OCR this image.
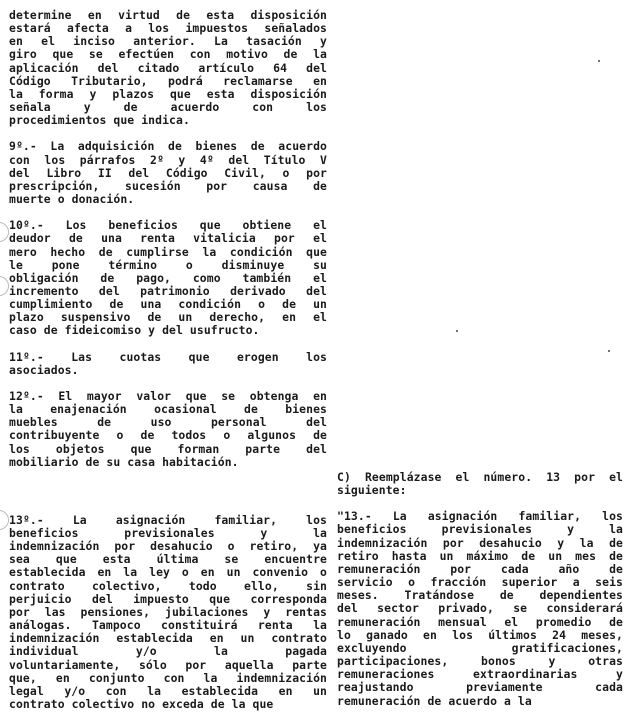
determine en virtud de esta disposición
estará afecta a los impuestos señalados
en el inciso anterior. La tasación y
giro que se efectúen con motivo de la
aplicación del citado artículo 64 del
Código Tributario, podrá reclamarse en
la forma y plazos que esta disposición
señala y de acuerdo con los
procedimientos que indica.
9º.- La adquisición de bienes de acuerdo
con los párrafos 2º y 4º del Título V
del Libro II del Código Civil, o por
prescripción, sucesión por causa de
muerte o donación.
10º.- Los beneficios que obtiene el
deudor de una renta vitalicia por el
mero hecho de cumplirse la condición que
le pone término o disminuye su
obligación de pago, como también el
incremento del patrimonio derivado del
cumplimiento de una condición o de un
plazo suspensivo de un derecho, en el
caso de fideicomiso y del usufructo.
11º.- Las cuotas que erogen los
asociados.
12º.- El mayor valor que se obtenga en
la enajenación ocasional de bienes
muebles de uso personal del
contribuyente o de todos o algunos de
los objetos que forman parte del
mobiliario de su casa habitación.
13º.- La asignación familiar, los
beneficios previsionales y la
indemnización por desahucio o retiro, ya
sea que esta última se encuentre
establecida en la ley o en un convenio o
contrato colectivo, todo ello, sin
perjuicio del impuesto que corresponda
por las pensiones, jubilaciones y rentas
análogas. Tampoco constituirá renta la
indemnización establecida en un contrato
individual y/o la pagada
voluntariamente, sólo por aquella parte
que, en conjunto con la indemnización
legal y/o con la establecida en un
contrato colectivo no exceda de la que
C) Reemplázase el número. 13 por el
siguiente:
"13.- La asignación familiar, los
beneficios previsionales y la
indemnización por desahucio y la de
retiro hasta un máximo de un mes de
remuneración por cada año de
servicio o fracción superior a seis
meses. Tratándose de dependientes
del sector privado, se considerará
remuneración mensual el promedio de
lo ganado en los últimos 24 meses,
excluyendo gratificaciones,
participaciones, bonos y otras
remuneraciones extraordinarias y
reajustando previamente cada
remuneración de acuerdo a la
